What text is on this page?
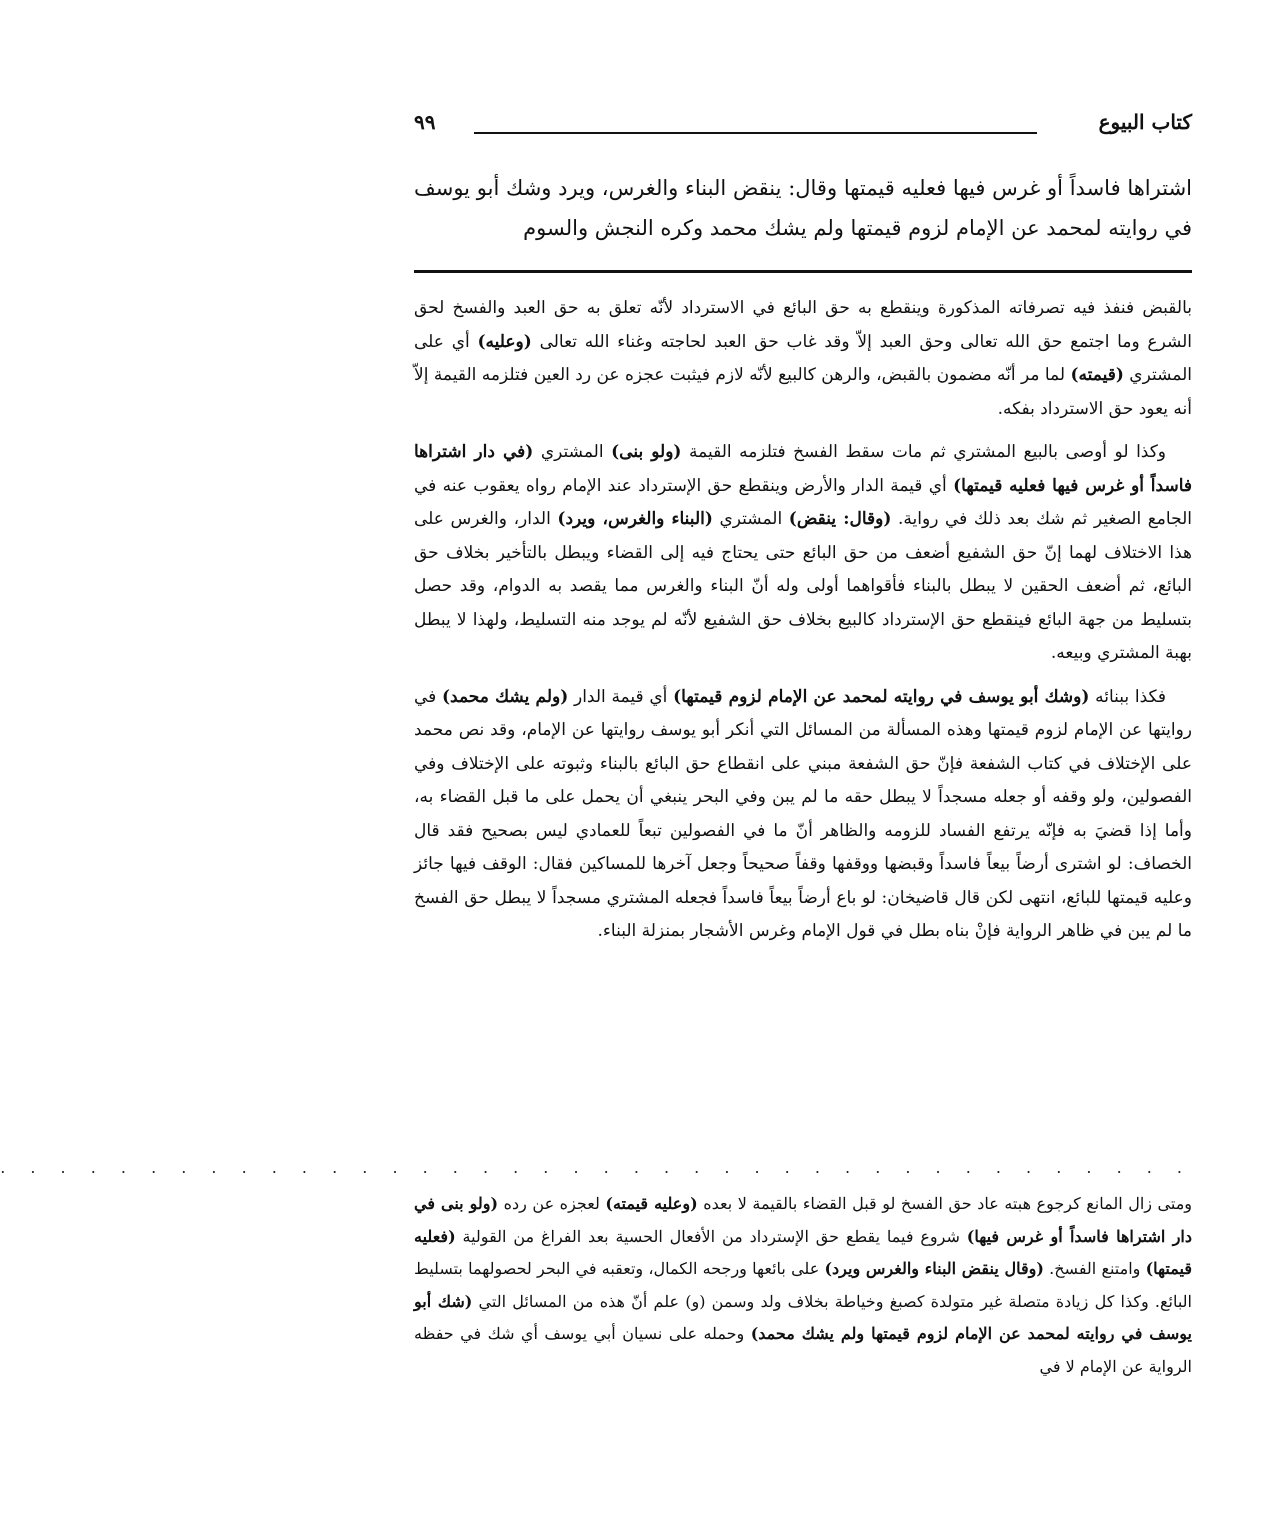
كتاب البيوع
٩٩
اشتراها فاسداً أو غرس فيها فعليه قيمتها وقال: ينقض البناء والغرس، ويرد وشك أبو يوسف في روايته لمحمد عن الإمام لزوم قيمتها ولم يشك محمد وكره النجش والسوم

بالقبض فنفذ فيه تصرفاته المذكورة وينقطع به حق البائع في الاسترداد لأنّه تعلق به حق العبد والفسخ لحق الشرع وما اجتمع حق الله تعالى وحق العبد إلاّ وقد غاب حق العبد لحاجته وغناء الله تعالى (وعليه) أي على المشتري (قيمته) لما مر أنّه مضمون بالقبض، والرهن كالبيع لأنّه لازم فيثبت عجزه عن رد العين فتلزمه القيمة إلاّ أنه يعود حق الاسترداد بفكه.

وكذا لو أوصى بالبيع المشتري ثم مات سقط الفسخ فتلزمه القيمة (ولو بنى) المشتري (في دار اشتراها فاسداً أو غرس فيها فعليه قيمتها) أي قيمة الدار والأرض وينقطع حق الإسترداد عند الإمام رواه يعقوب عنه في الجامع الصغير ثم شك بعد ذلك في رواية. (وقال: ينقض) المشتري (البناء والغرس، ويرد) الدار، والغرس على هذا الاختلاف لهما إنّ حق الشفيع أضعف من حق البائع حتى يحتاج فيه إلى القضاء ويبطل بالتأخير بخلاف حق البائع، ثم أضعف الحقين لا يبطل بالبناء فأقواهما أولى وله أنّ البناء والغرس مما يقصد به الدوام، وقد حصل بتسليط من جهة البائع فينقطع حق الإسترداد كالبيع بخلاف حق الشفيع لأنّه لم يوجد منه التسليط، ولهذا لا يبطل بهبة المشتري وبيعه.

فكذا ببنائه (وشك أبو يوسف في روايته لمحمد عن الإمام لزوم قيمتها) أي قيمة الدار (ولم يشك محمد) في روايتها عن الإمام لزوم قيمتها وهذه المسألة من المسائل التي أنكر أبو يوسف روايتها عن الإمام، وقد نص محمد على الإختلاف في كتاب الشفعة فإنّ حق الشفعة مبني على انقطاع حق البائع بالبناء وثبوته على الإختلاف وفي الفصولين، ولو وقفه أو جعله مسجداً لا يبطل حقه ما لم يبن وفي البحر ينبغي أن يحمل على ما قبل القضاء به، وأما إذا قضيَ به فإنّه يرتفع الفساد للزومه والظاهر أنّ ما في الفصولين تبعاً للعمادي ليس بصحيح فقد قال الخصاف: لو اشترى أرضاً بيعاً فاسداً وقبضها ووقفها وقفاً صحيحاً وجعل آخرها للمساكين فقال: الوقف فيها جائز وعليه قيمتها للبائع، انتهى لكن قال قاضيخان: لو باع أرضاً بيعاً فاسداً فجعله المشتري مسجداً لا يبطل حق الفسخ ما لم يبن في ظاهر الرواية فإنْ بناه بطل في قول الإمام وغرس الأشجار بمنزلة البناء.

. . . . . . . . . . . . . . . . . . . . . . . . . . . . . . . . . . . . . . . .

ومتى زال المانع كرجوع هبته عاد حق الفسخ لو قبل القضاء بالقيمة لا بعده (وعليه قيمته) لعجزه عن رده (ولو بنى في دار اشتراها فاسداً أو غرس فيها) شروع فيما يقطع حق الإسترداد من الأفعال الحسية بعد الفراغ من القولية (فعليه قيمتها) وامتنع الفسخ. (وقال ينقض البناء والغرس ويرد) على بائعها ورجحه الكمال، وتعقبه في البحر لحصولهما بتسليط البائع. وكذا كل زيادة متصلة غير متولدة كصبغ وخياطة بخلاف ولد وسمن (و) علم أنّ هذه من المسائل التي (شك أبو يوسف في روايته لمحمد عن الإمام لزوم قيمتها ولم يشك محمد) وحمله على نسيان أبي يوسف أي شك في حفظه الرواية عن الإمام لا في
